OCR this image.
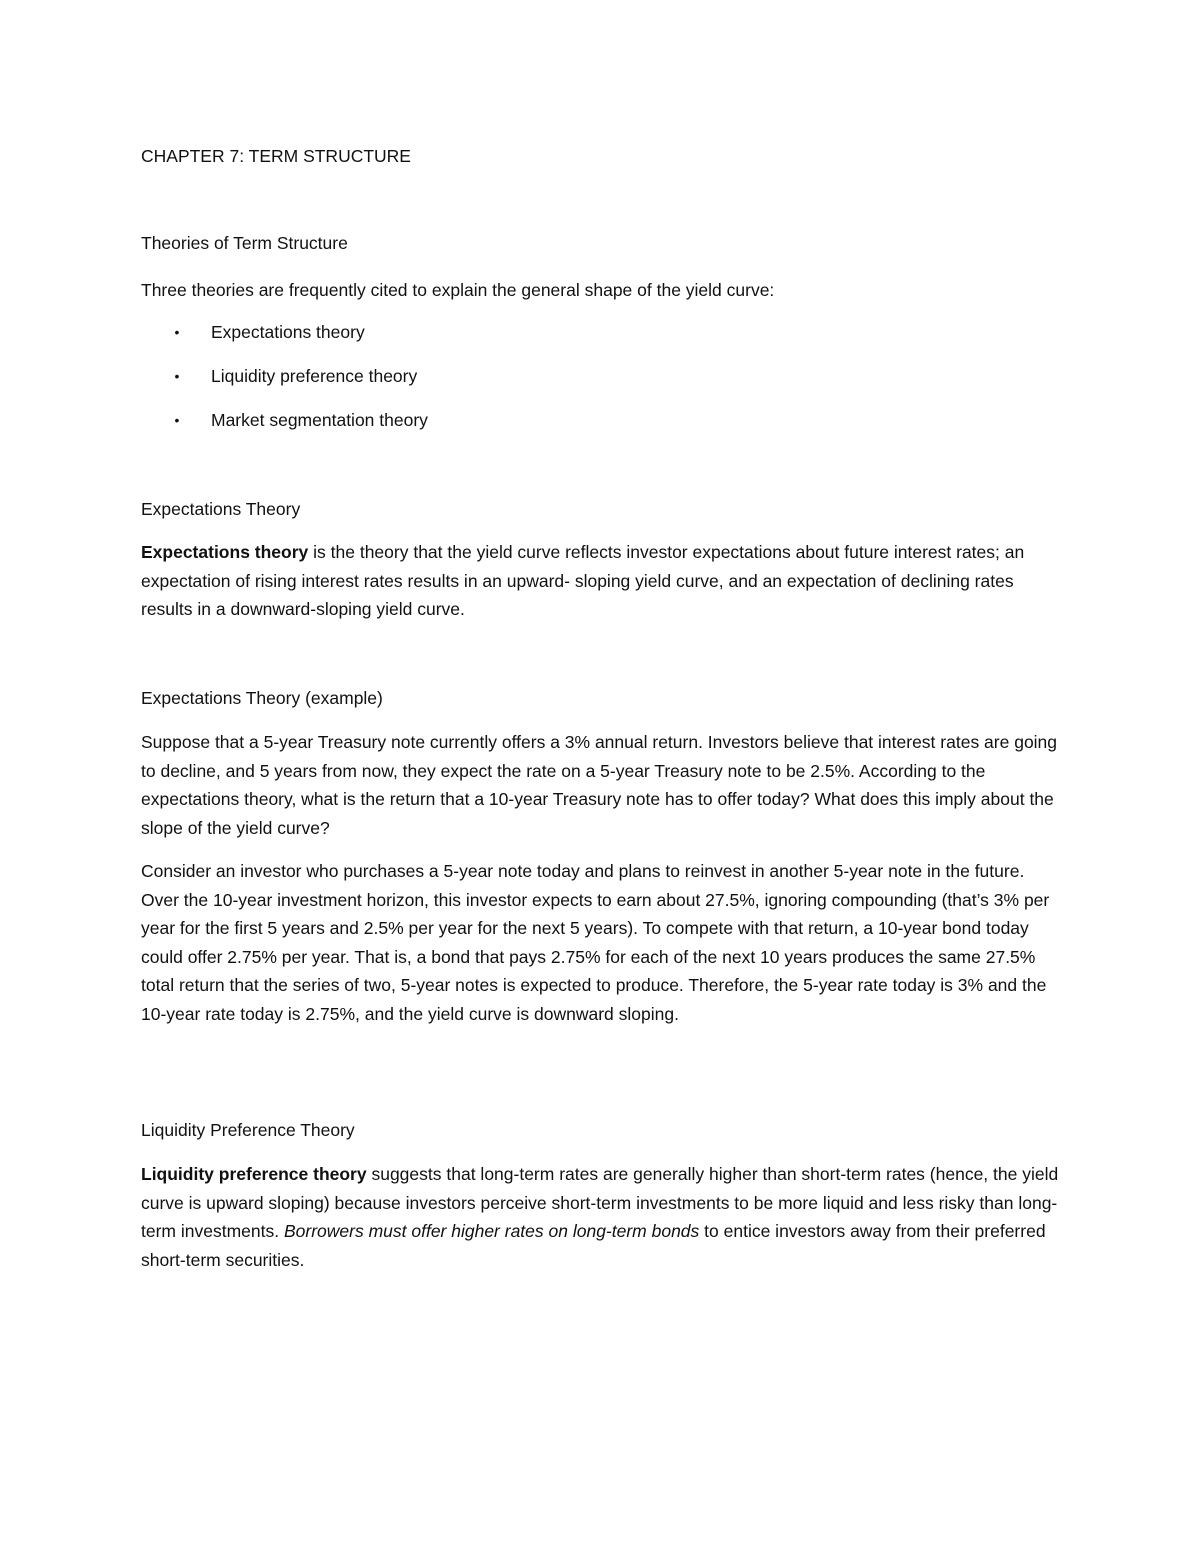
CHAPTER 7: TERM STRUCTURE
Theories of Term Structure
Three theories are frequently cited to explain the general shape of the yield curve:
• Expectations theory
• Liquidity preference theory
• Market segmentation theory
Expectations Theory

Expectations theory is the theory that the yield curve reflects investor expectations about future interest rates; an expectation of rising interest rates results in an upward- sloping yield curve, and an expectation of declining rates results in a downward-sloping yield curve.

Expectations Theory (example)

Suppose that a 5-year Treasury note currently offers a 3% annual return. Investors believe that interest rates are going to decline, and 5 years from now, they expect the rate on a 5-year Treasury note to be 2.5%. According to the expectations theory, what is the return that a 10-year Treasury note has to offer today? What does this imply about the slope of the yield curve?

Consider an investor who purchases a 5-year note today and plans to reinvest in another 5-year note in the future. Over the 10-year investment horizon, this investor expects to earn about 27.5%, ignoring compounding (that’s 3% per year for the first 5 years and 2.5% per year for the next 5 years). To compete with that return, a 10-year bond today could offer 2.75% per year. That is, a bond that pays 2.75% for each of the next 10 years produces the same 27.5% total return that the series of two, 5-year notes is expected to produce. Therefore, the 5-year rate today is 3% and the 10-year rate today is 2.75%, and the yield curve is downward sloping.

Liquidity Preference Theory

Liquidity preference theory suggests that long-term rates are generally higher than short-term rates (hence, the yield curve is upward sloping) because investors perceive short-term investments to be more liquid and less risky than long-term investments. Borrowers must offer higher rates on long-term bonds to entice investors away from their preferred short-term securities.
